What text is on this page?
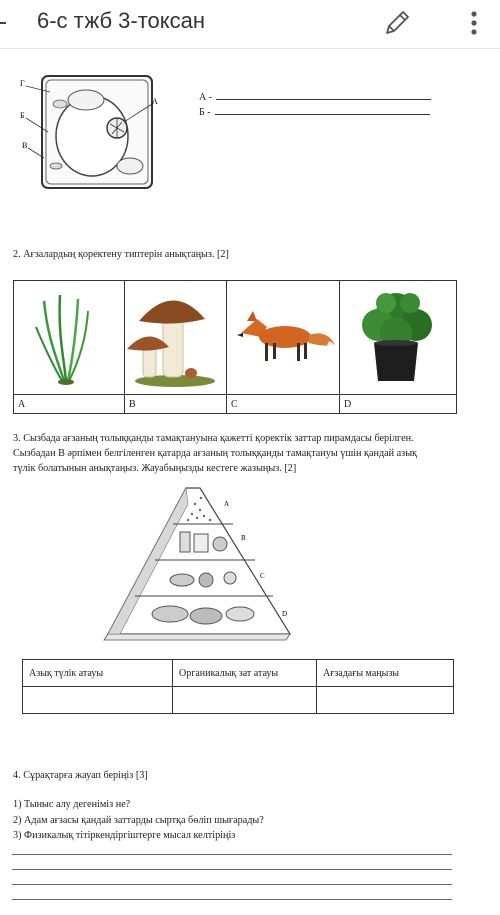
6-с тжб 3-токсан
Г
Б
В
А	А -
Б -
2. Ағзалардың қоректену типтерін анықтаңыз. [2]

A	B	C	D
3. Сызбада ағзаның толыққанды тамақтануына қажетті қоректік заттар пирамдасы берілген.
Сызбадан В әрпімен белгіленген қатарда ағзаның толыққанды тамақтануы үшін қандай азық
түлік болатынын анықтаңыз. Жауабыңызды кестеге жазыңыз. [2]
A
B
C
D
Азық түлік атауы	Органикалық зат атауы	Ағзадағы маңызы

4. Сұрақтарға жауап беріңіз [3]
1) Тыныс алу дегеніміз не?
2) Адам ағзасы қандай заттарды сыртқа бөліп шығарады?
3) Физикалық тітіркендіргіштерге мысал келтіріңіз
